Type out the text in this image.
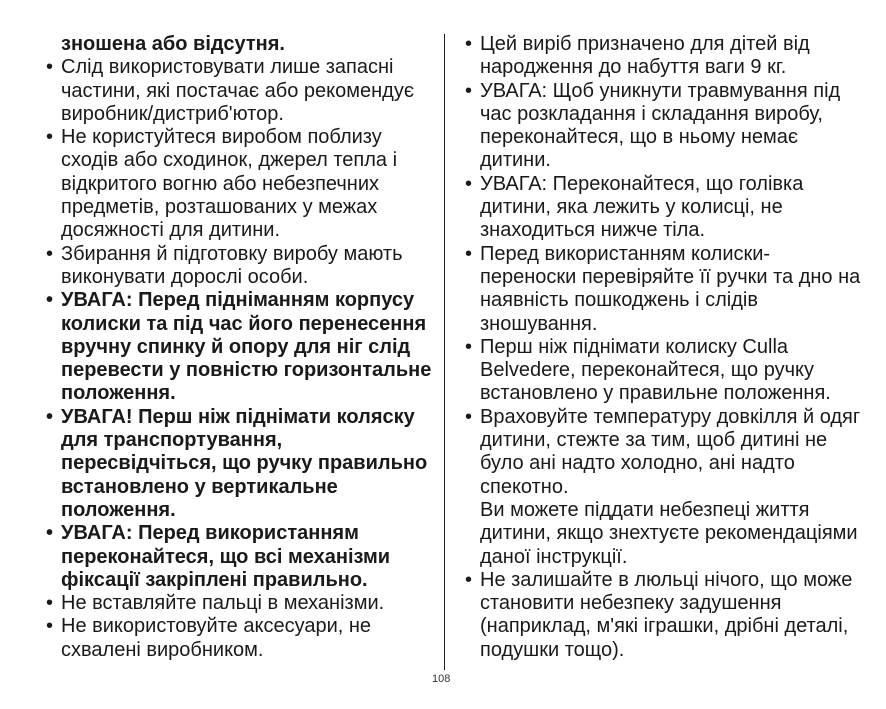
зношена або відсутня.
• Слід використовувати лише запасні частини, які постачає або рекомендує виробник/дистриб'ютор.
• Не користуйтеся виробом поблизу сходів або сходинок, джерел тепла і відкритого вогню або небезпечних предметів, розташованих у межах досяжності для дитини.
• Збирання й підготовку виробу мають виконувати дорослі особи.
• УВАГА: Перед підніманням корпусу колиски та під час його перенесення вручну спинку й опору для ніг слід перевести у повністю горизонтальне положення.
• УВАГА! Перш ніж піднімати коляску для транспортування, пересвідчіться, що ручку правильно встановлено у вертикальне положення.
• УВАГА: Перед використанням переконайтеся, що всі механізми фіксації закріплені правильно.
• Не вставляйте пальці в механізми.
• Не використовуйте аксесуари, не схвалені виробником.
• Цей виріб призначено для дітей від народження до набуття ваги 9 кг.
• УВАГА: Щоб уникнути травмування під час розкладання і складання виробу, переконайтеся, що в ньому немає дитини.
• УВАГА: Переконайтеся, що голівка дитини, яка лежить у колисці, не знаходиться нижче тіла.
• Перед використанням колиски-переноски перевіряйте її ручки та дно на наявність пошкоджень і слідів зношування.
• Перш ніж піднімати колиску Culla Belvedere, переконайтеся, що ручку встановлено у правильне положення.
• Враховуйте температуру довкілля й одяг дитини, стежте за тим, щоб дитині не було ані надто холодно, ані надто спекотно.
Ви можете піддати небезпеці життя дитини, якщо знехтуєте рекомендаціями даної інструкції.
• Не залишайте в люльці нічого, що може становити небезпеку задушення (наприклад, м'які іграшки, дрібні деталі, подушки тощо).
108
